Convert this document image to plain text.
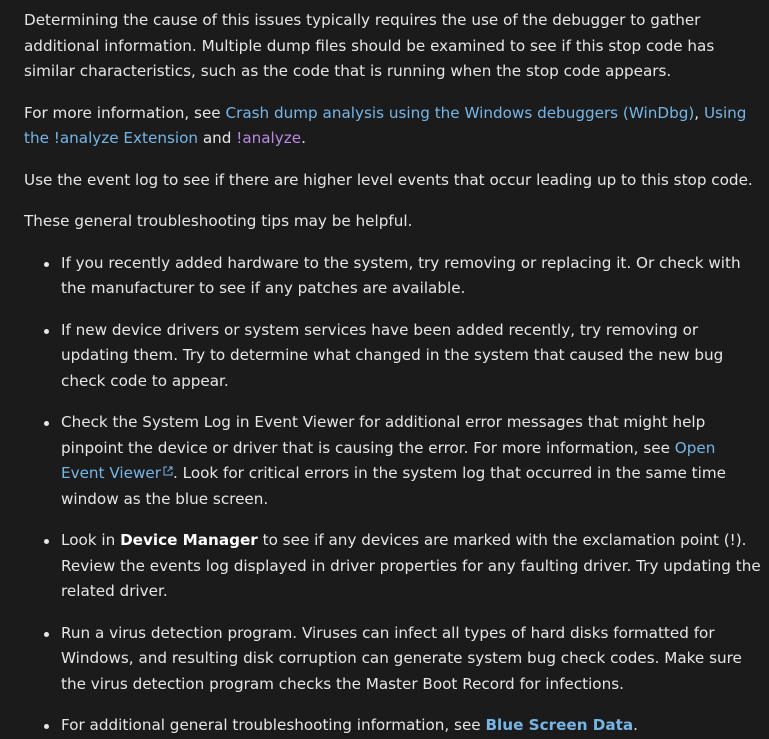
Determining the cause of this issues typically requires the use of the debugger to gather additional information. Multiple dump files should be examined to see if this stop code has similar characteristics, such as the code that is running when the stop code appears.

For more information, see Crash dump analysis using the Windows debuggers (WinDbg), Using the !analyze Extension and !analyze.

Use the event log to see if there are higher level events that occur leading up to this stop code.

These general troubleshooting tips may be helpful.

If you recently added hardware to the system, try removing or replacing it. Or check with the manufacturer to see if any patches are available.
If new device drivers or system services have been added recently, try removing or updating them. Try to determine what changed in the system that caused the new bug check code to appear.
Check the System Log in Event Viewer for additional error messages that might help pinpoint the device or driver that is causing the error. For more information, see Open Event Viewer . Look for critical errors in the system log that occurred in the same time window as the blue screen.
Look in Device Manager to see if any devices are marked with the exclamation point (!). Review the events log displayed in driver properties for any faulting driver. Try updating the related driver.
Run a virus detection program. Viruses can infect all types of hard disks formatted for Windows, and resulting disk corruption can generate system bug check codes. Make sure the virus detection program checks the Master Boot Record for infections.
For additional general troubleshooting information, see Blue Screen Data.
